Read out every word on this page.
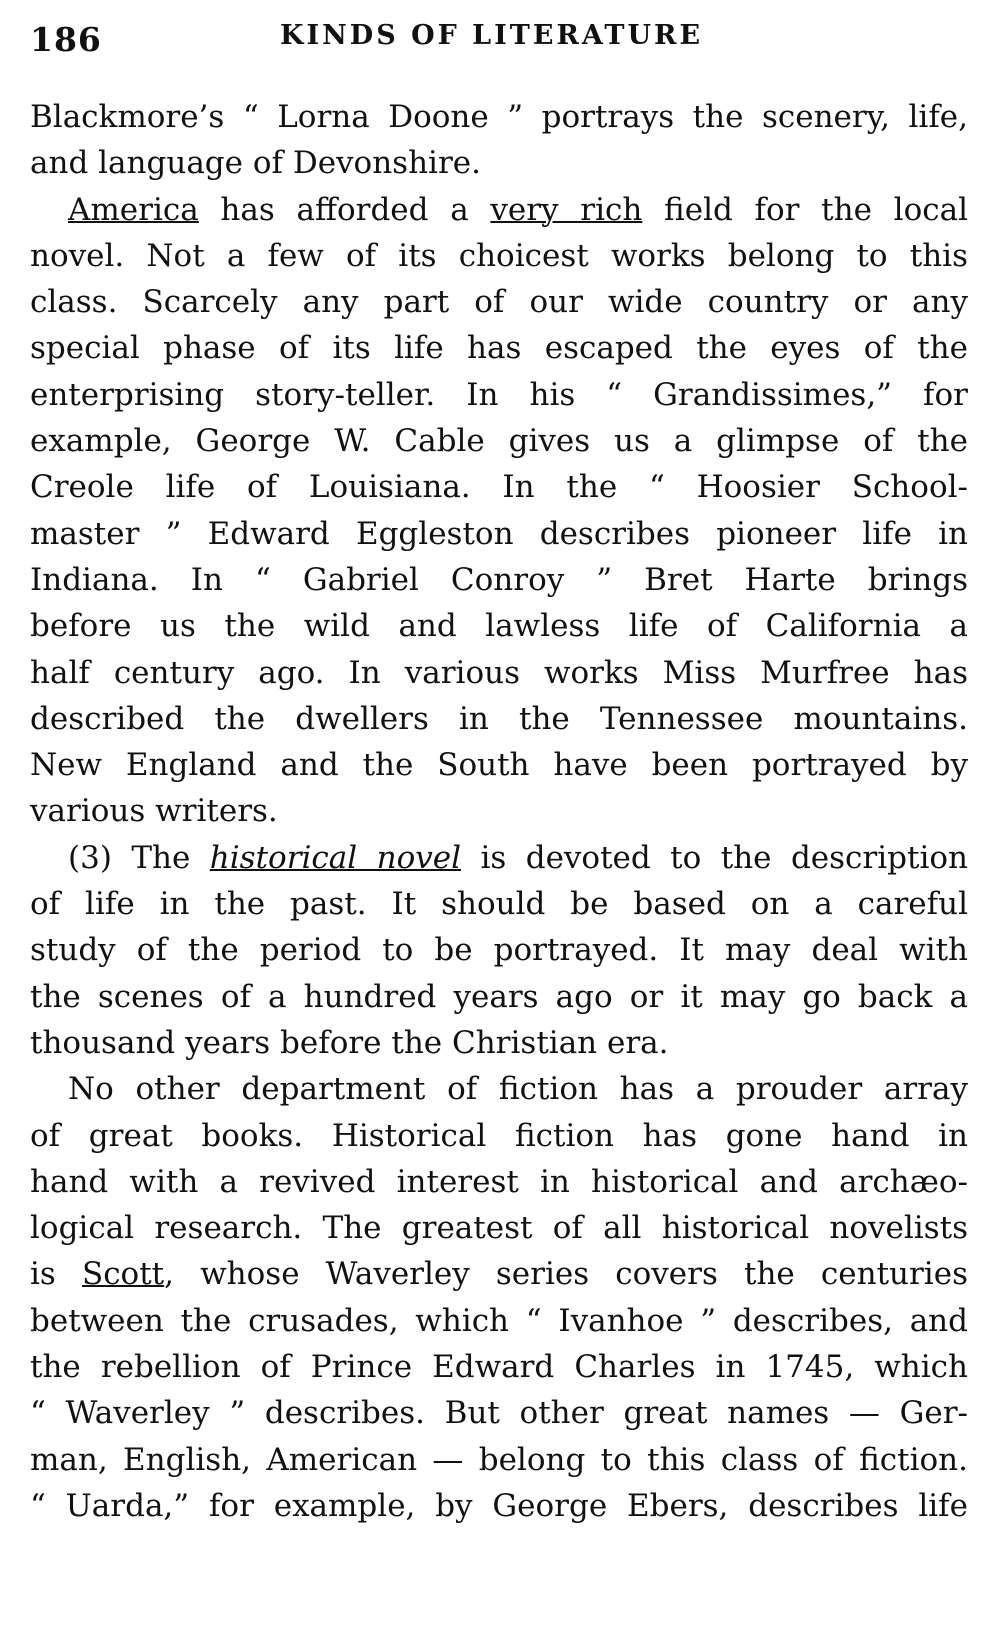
186	KINDS OF LITERATURE
Blackmore’s “ Lorna Doone ” portrays the scenery, life,
and language of Devonshire.
America has afforded a very rich field for the local
novel. Not a few of its choicest works belong to this
class. Scarcely any part of our wide country or any
special phase of its life has escaped the eyes of the
enterprising story-teller. In his “ Grandissimes,” for
example, George W. Cable gives us a glimpse of the
Creole life of Louisiana. In the “ Hoosier School-
master ” Edward Eggleston describes pioneer life in
Indiana. In “ Gabriel Conroy ” Bret Harte brings
before us the wild and lawless life of California a
half century ago. In various works Miss Murfree has
described the dwellers in the Tennessee mountains.
New England and the South have been portrayed by
various writers.
(3) The historical novel is devoted to the description
of life in the past. It should be based on a careful
study of the period to be portrayed. It may deal with
the scenes of a hundred years ago or it may go back a
thousand years before the Christian era.
No other department of fiction has a prouder array
of great books. Historical fiction has gone hand in
hand with a revived interest in historical and archæo-
logical research. The greatest of all historical novelists
is Scott, whose Waverley series covers the centuries
between the crusades, which “ Ivanhoe ” describes, and
the rebellion of Prince Edward Charles in 1745, which
“ Waverley ” describes. But other great names — Ger-
man, English, American — belong to this class of fiction.
“ Uarda,” for example, by George Ebers, describes life
